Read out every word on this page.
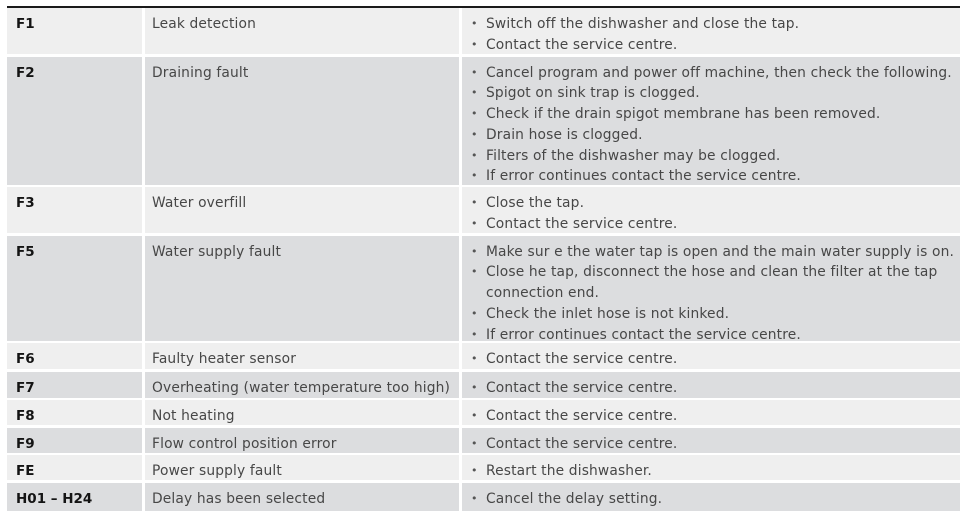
F1	Leak detection	• Switch off the dishwasher and close the tap.
• Contact the service centre.
F2	Draining fault	• Cancel program and power off machine, then check the following.
• Spigot on sink trap is clogged.
• Check if the drain spigot membrane has been removed.
• Drain hose is clogged.
• Filters of the dishwasher may be clogged.
• If error continues contact the service centre.
F3	Water overfill	• Close the tap.
• Contact the service centre.
F5	Water supply fault	• Make sur e the water tap is open and the main water supply is on.
• Close he tap, disconnect the hose and clean the filter at the tap connection end.
• Check the inlet hose is not kinked.
• If error continues contact the service centre.
F6	Faulty heater sensor	• Contact the service centre.
F7	Overheating (water temperature too high)	• Contact the service centre.
F8	Not heating	• Contact the service centre.
F9	Flow control position error	• Contact the service centre.
FE	Power supply fault	• Restart the dishwasher.
H01 – H24	Delay has been selected	• Cancel the delay setting.
